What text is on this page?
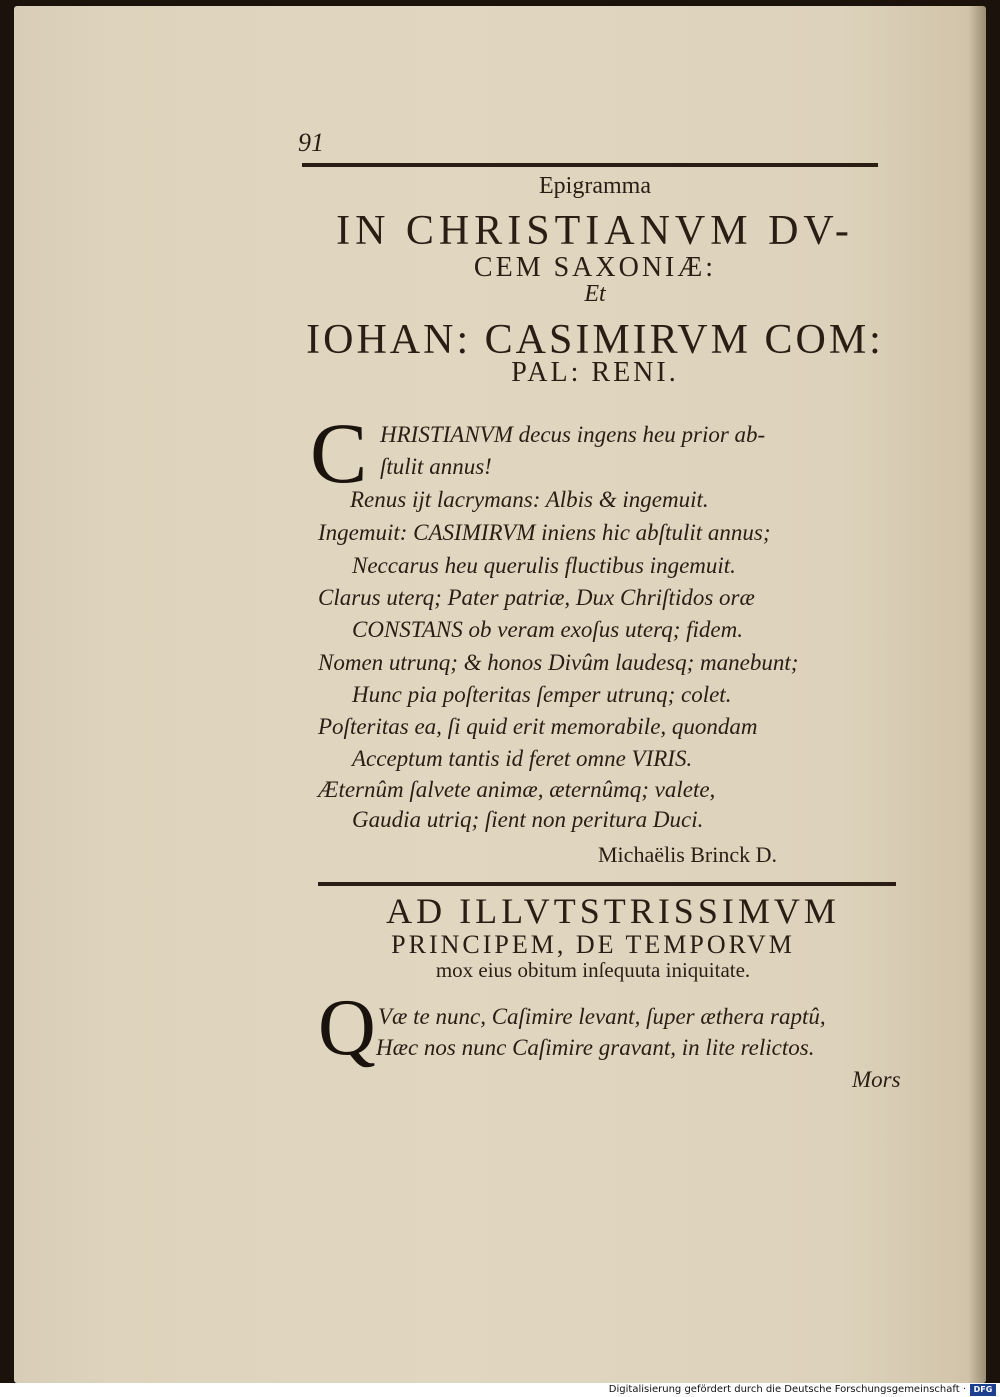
91

Epigramma

IN CHRISTIANVM DV-

CEM SAXONIÆ:

Et

IOHAN: CASIMIRVM COM:

PAL: RENI.

C HRISTIANVM decus ingens heu prior ab-

ſtulit annus!

Renus ijt lacrymans: Albis & ingemuit.

Ingemuit: CASIMIRVM iniens hic abſtulit annus;

Neccarus heu querulis fluctibus ingemuit.

Clarus uterq; Pater patriæ, Dux Chriſtidos oræ

CONSTANS ob veram exoſus uterq; fidem.

Nomen utrunq; & honos Divûm laudesq; manebunt;

Hunc pia poſteritas ſemper utrunq; colet.

Poſteritas ea, ſi quid erit memorabile, quondam

Acceptum tantis id feret omne VIRIS.

Æternûm ſalvete animæ, æternûmq; valete,

Gaudia utriq; ſient non peritura Duci.

Michaëlis Brinck D.

AD ILLVTSTRISSIMVM

PRINCIPEM, DE TEMPORVM

mox eius obitum inſequuta iniquitate.

Q Væ te nunc, Caſimire levant, ſuper æthera raptû,

Hæc nos nunc Caſimire gravant, in lite relictos.

Mors

Digitalisierung gefördert durch die Deutsche Forschungsgemeinschaft · DFG
